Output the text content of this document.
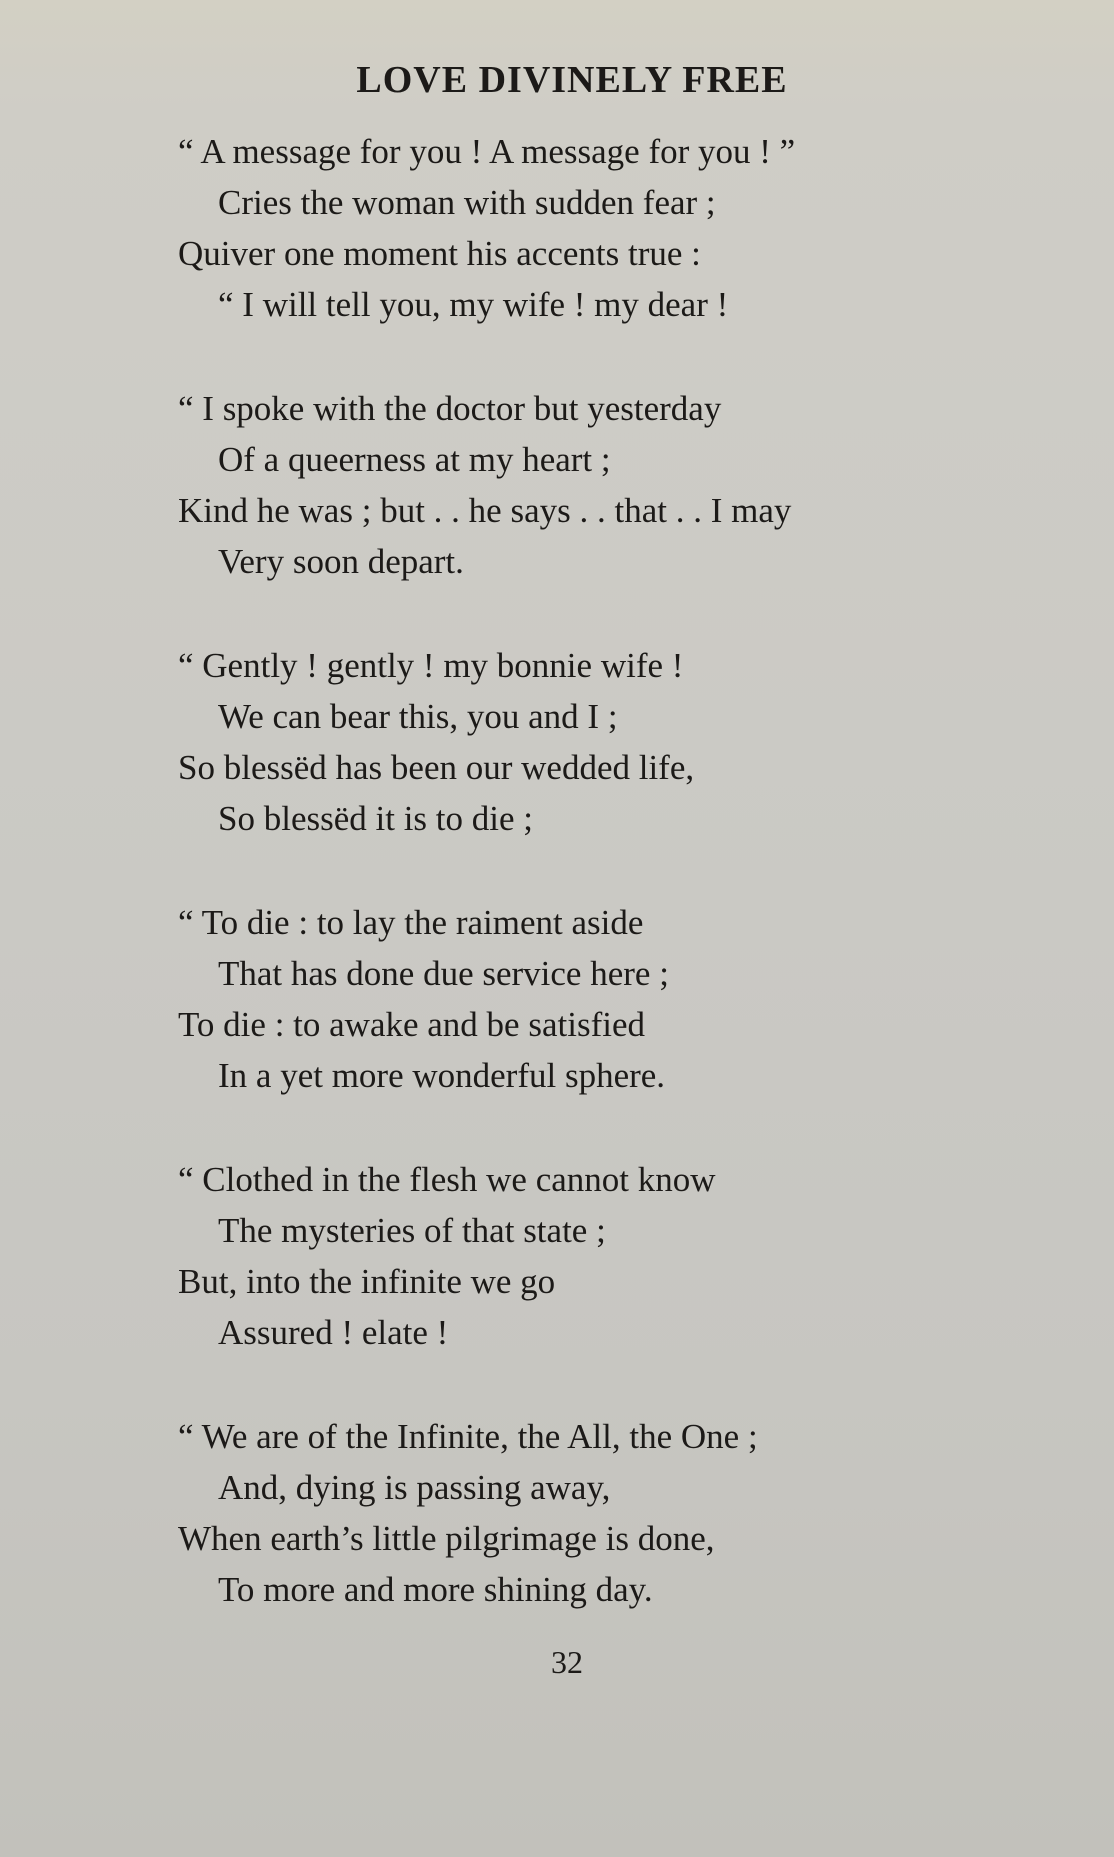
LOVE DIVINELY FREE
“ A message for you ! A message for you ! ”
Cries the woman with sudden fear ;
Quiver one moment his accents true :
“ I will tell you, my wife ! my dear !
“ I spoke with the doctor but yesterday
Of a queerness at my heart ;
Kind he was ; but . . he says . . that . . I may
Very soon depart.
“ Gently ! gently ! my bonnie wife !
We can bear this, you and I ;
So blessëd has been our wedded life,
So blessëd it is to die ;
“ To die : to lay the raiment aside
That has done due service here ;
To die : to awake and be satisfied
In a yet more wonderful sphere.
“ Clothed in the flesh we cannot know
The mysteries of that state ;
But, into the infinite we go
Assured ! elate !
“ We are of the Infinite, the All, the One ;
And, dying is passing away,
When earth’s little pilgrimage is done,
To more and more shining day.
32
